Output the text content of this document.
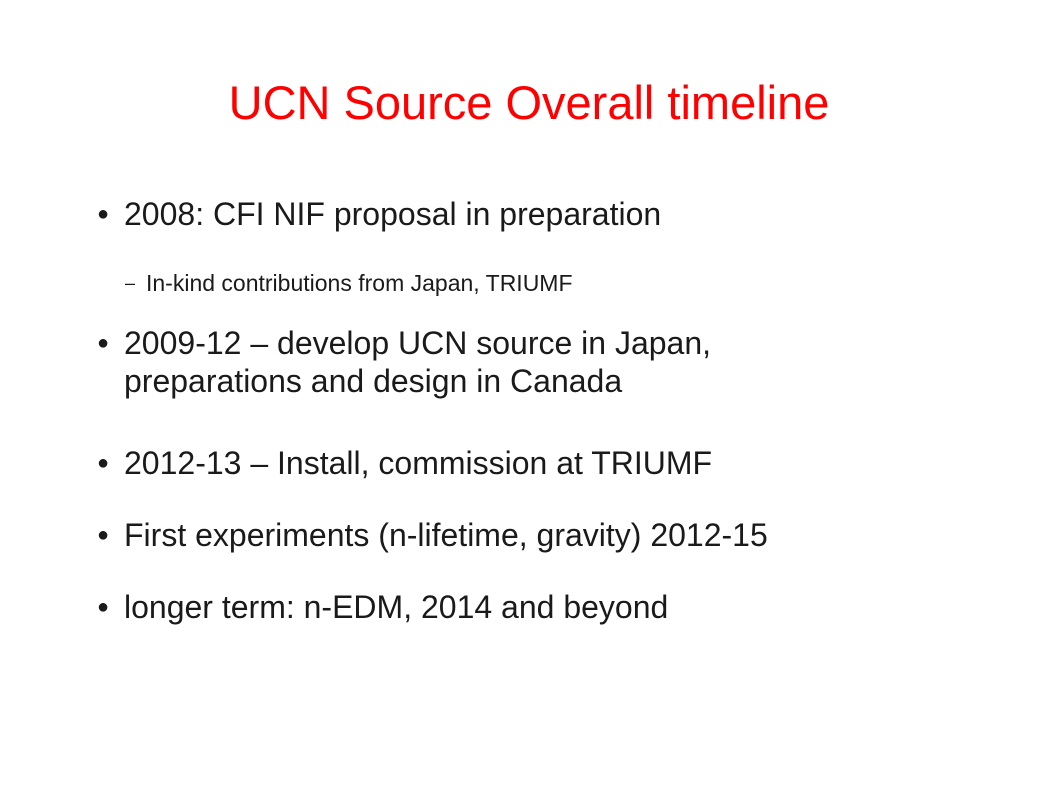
UCN Source Overall timeline
● 2008: CFI NIF proposal in preparation
– In-kind contributions from Japan, TRIUMF
● 2009-12 – develop UCN source in Japan,
preparations and design in Canada
● 2012-13 – Install, commission at TRIUMF
● First experiments (n-lifetime, gravity) 2012-15
● longer term: n-EDM, 2014 and beyond
